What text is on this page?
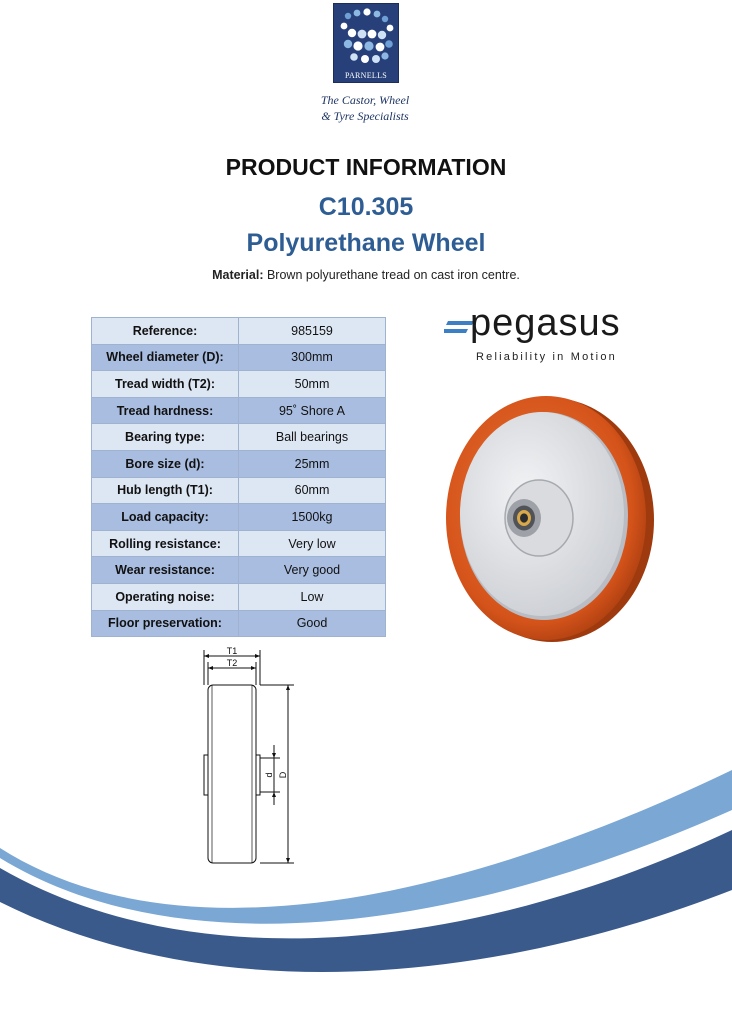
PARNELLS
The Castor, Wheel
& Tyre Specialists
PRODUCT INFORMATION
C10.305
Polyurethane Wheel
Material: Brown polyurethane tread on cast iron centre.
Reference:	985159
Wheel diameter (D):	300mm
Tread width (T2):	50mm
Tread hardness:	95˚ Shore A
Bearing type:	Ball bearings
Bore size (d):	25mm
Hub length (T1):	60mm
Load capacity:	1500kg
Rolling resistance:	Very low
Wear resistance:	Very good
Operating noise:	Low
Floor preservation:	Good
pegasus
Reliability in Motion
T1
T2
d D
